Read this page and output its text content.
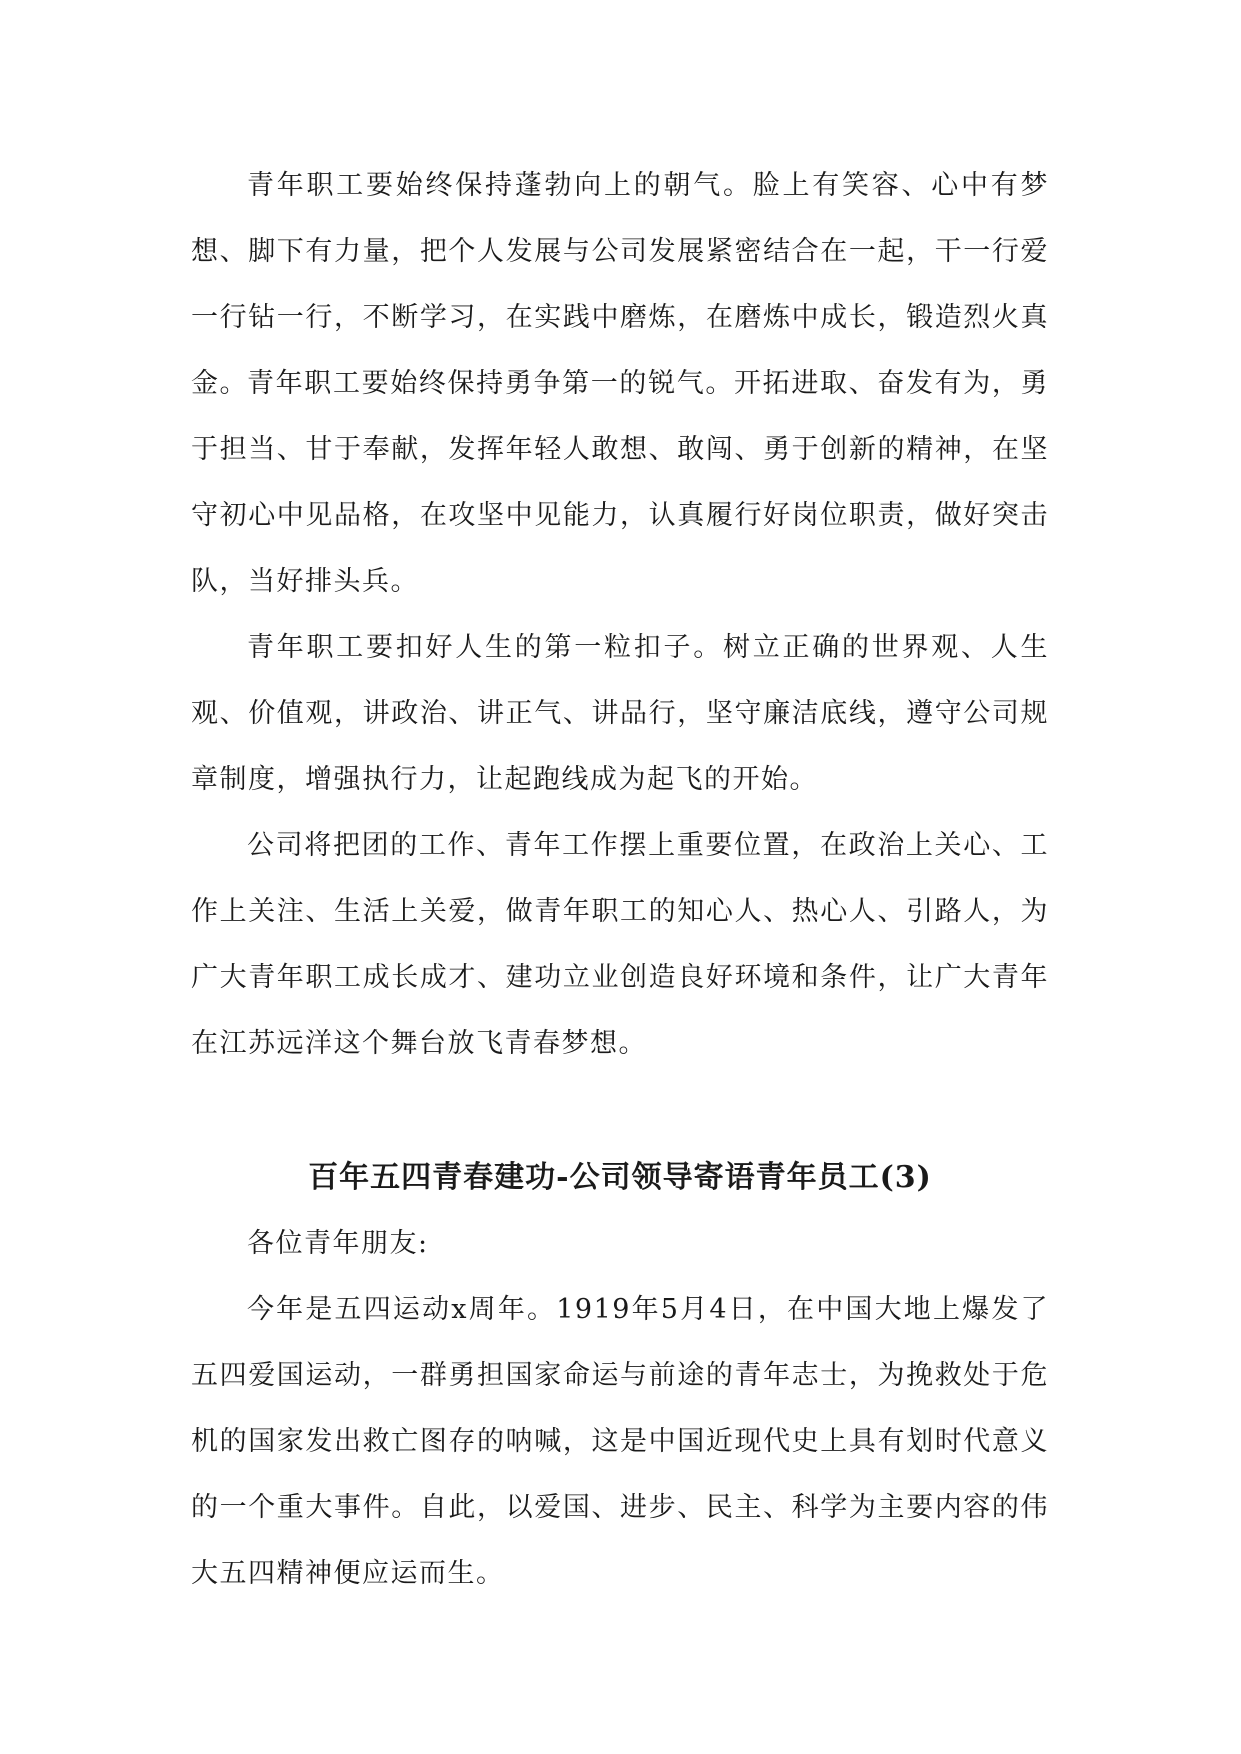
青年职工要始终保持蓬勃向上的朝气。脸上有笑容、心中有梦想、脚下有力量，把个人发展与公司发展紧密结合在一起，干一行爱一行钻一行，不断学习，在实践中磨炼，在磨炼中成长，锻造烈火真金。 青年职工要始终保持勇争第一的锐气。开拓进取、奋发有为，勇于担当、甘于奉献，发挥年轻人敢想、敢闯、勇于创新的精神，在坚守初心中见品格，在攻坚中见能力，认真履行好岗位职责，做好突击队，当好排头兵。

青年职工要扣好人生的第一粒扣子。树立正确的世界观、人生观、价值观，讲政治、讲正气、讲品行，坚守廉洁底线，遵守公司规章制度，增强执行力，让起跑线成为起飞的开始。

公司将把团的工作、青年工作摆上重要位置，在政治上关心、工作上关注、生活上关爱，做青年职工的知心人、热心人、引路人，为广大青年职工成长成才、建功立业创造良好环境和条件，让广大青年在江苏远洋这个舞台放飞青春梦想。

百年五四青春建功-公司领导寄语青年员工(3)

各位青年朋友:

今年是五四运动x周年。1919年5月4日，在中国大地上爆发了五四爱国运动，一群勇担国家命运与前途的青年志士，为挽救处于危机的国家发出救亡图存的呐喊，这是中国近现代史上具有划时代意义的一个重大事件。自此，以爱国、进步、民主、科学为主要内容的伟大五四精神便应运而生。
